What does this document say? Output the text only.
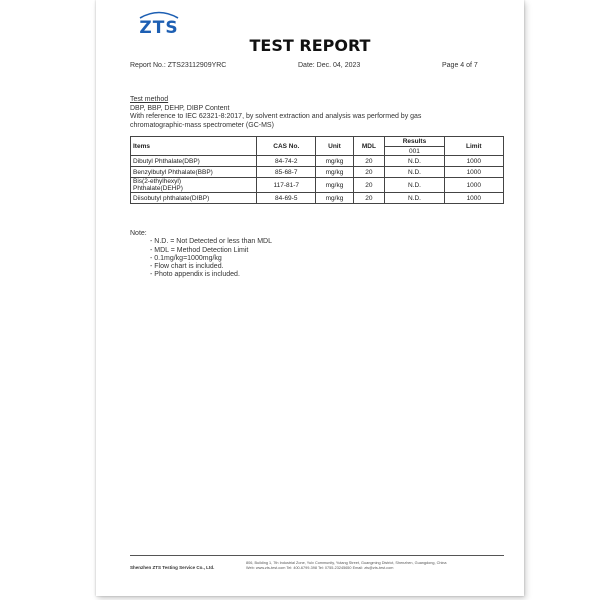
ZTS
TEST REPORT
Report No.: ZTS23112909YRC	Date: Dec. 04, 2023	Page 4 of 7
Test method
DBP, BBP, DEHP, DIBP Content
With reference to IEC 62321-8:2017, by solvent extraction and analysis was performed by gas
chromatographic-mass spectrometer (GC-MS)
Items	CAS No.	Unit	MDL	Results	Limit
				001	
Dibutyl Phthalate(DBP)	84-74-2	mg/kg	20	N.D.	1000
Benzylbutyl Phthalate(BBP)	85-68-7	mg/kg	20	N.D.	1000

Bis(2-ethylhexyl)
Phthalate(DEHP)	117-81-7	mg/kg	20	N.D.	1000
Diisobutyl phthalate(DIBP)	84-69-5	mg/kg	20	N.D.	1000
Note:
- N.D. = Not Detected or less than MDL
- MDL = Method Detection Limit
- 0.1mg/kg=1000mg/kg
- Flow chart is included.
- Photo appendix is included.
Shenzhen ZTS Testing Service Co., Ltd.
806, Building 1, 7th Industrial Zone, Yulv Community, Yutang Street, Guangming District, Shenzhen, Guangdong, China
Web: www.zts-test.com Tel: 400-6799-398 Tel: 0755-23245650 Email: zts@zts-test.com
